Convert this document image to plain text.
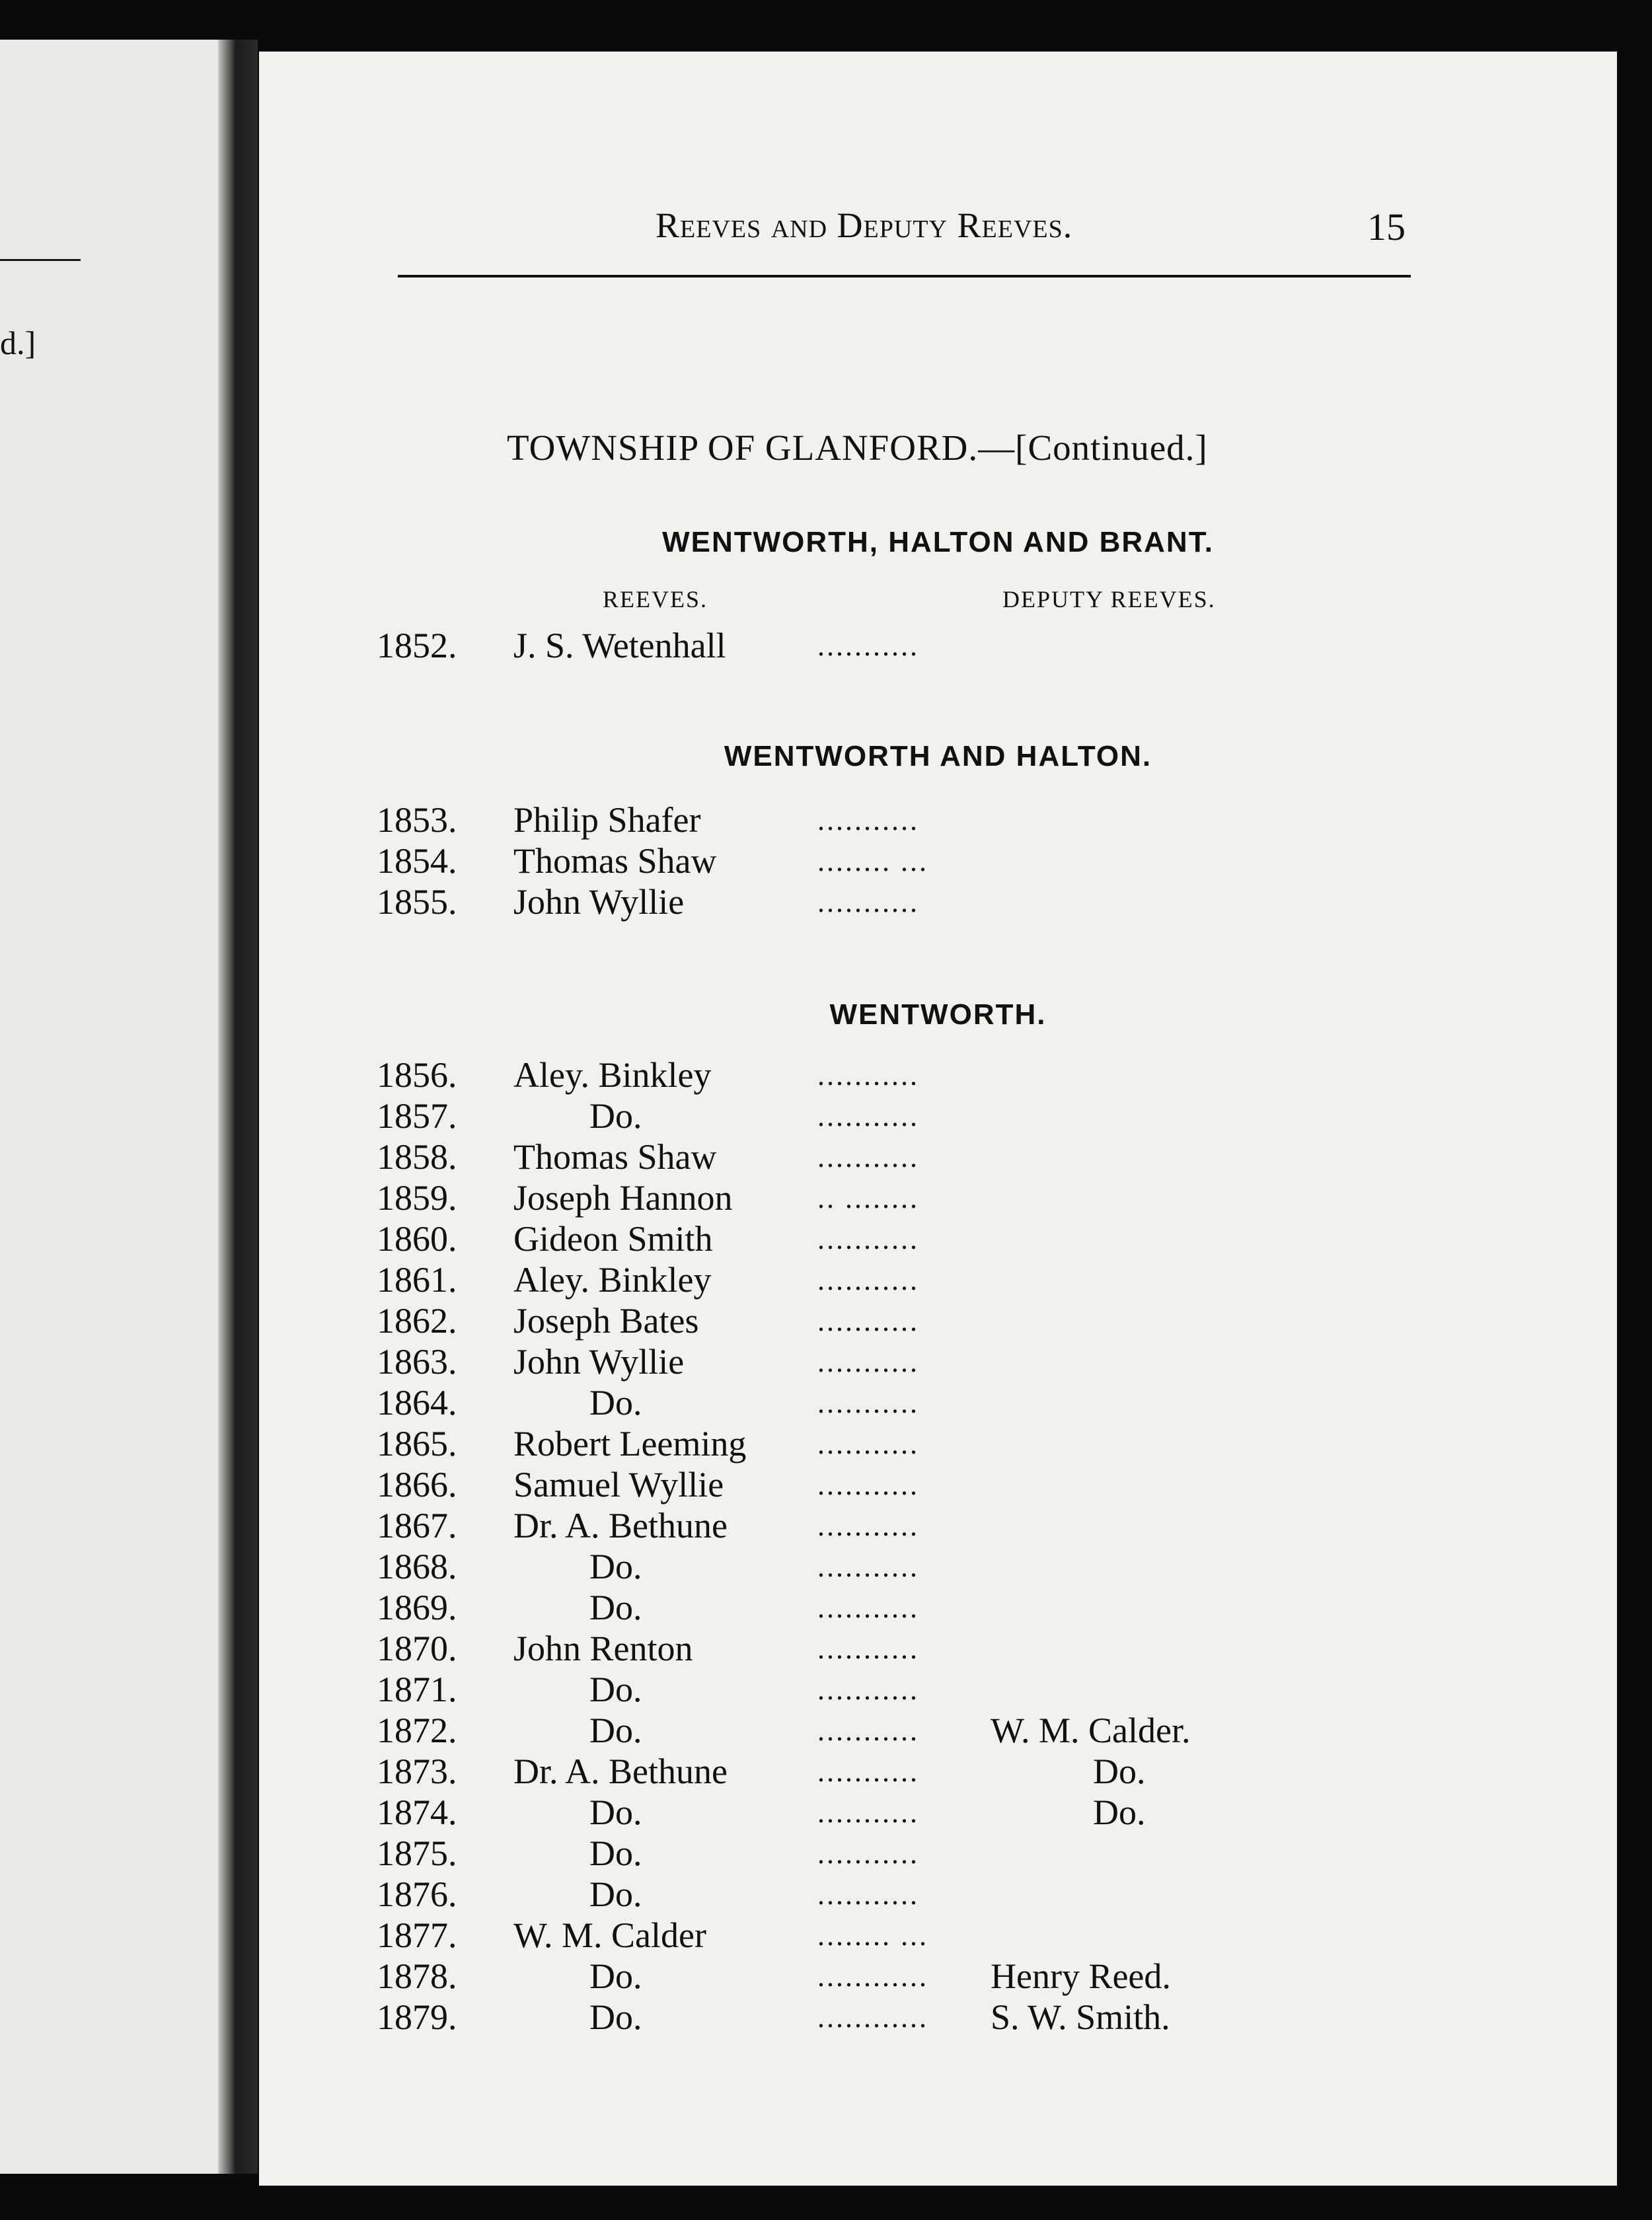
d.]
Reeves and Deputy Reeves.	15
TOWNSHIP OF GLANFORD.—[Continued.]
WENTWORTH, HALTON AND BRANT.
REEVES.	DEPUTY REEVES.
1852. J. S. Wetenhall	...........
WENTWORTH AND HALTON.
1853. Philip Shafer	...........
1854. Thomas Shaw	........ ...
1855. John Wyllie	...........
WENTWORTH.
1856. Aley. Binkley	...........
1857.	Do.	...........
1858. Thomas Shaw	...........
1859. Joseph Hannon	.. ........
1860. Gideon Smith	...........
1861. Aley. Binkley	...........
1862. Joseph Bates	...........
1863. John Wyllie	...........
1864.	Do.	...........
1865. Robert Leeming ...........
1866. Samuel Wyllie	...........
1867. Dr. A. Bethune	...........
1868.	Do.	...........
1869.	Do.	...........
1870. John Renton	...........
1871.	Do.	...........
1872.	Do.	........... W. M. Calder.
1873. Dr. A. Bethune	...........	Do.
1874.	Do.	...........	Do.
1875.	Do.	...........
1876.	Do.	...........
1877. W. M. Calder	........ ...
1878.	Do.	............ Henry Reed.
1879.	Do.	............ S. W. Smith.
